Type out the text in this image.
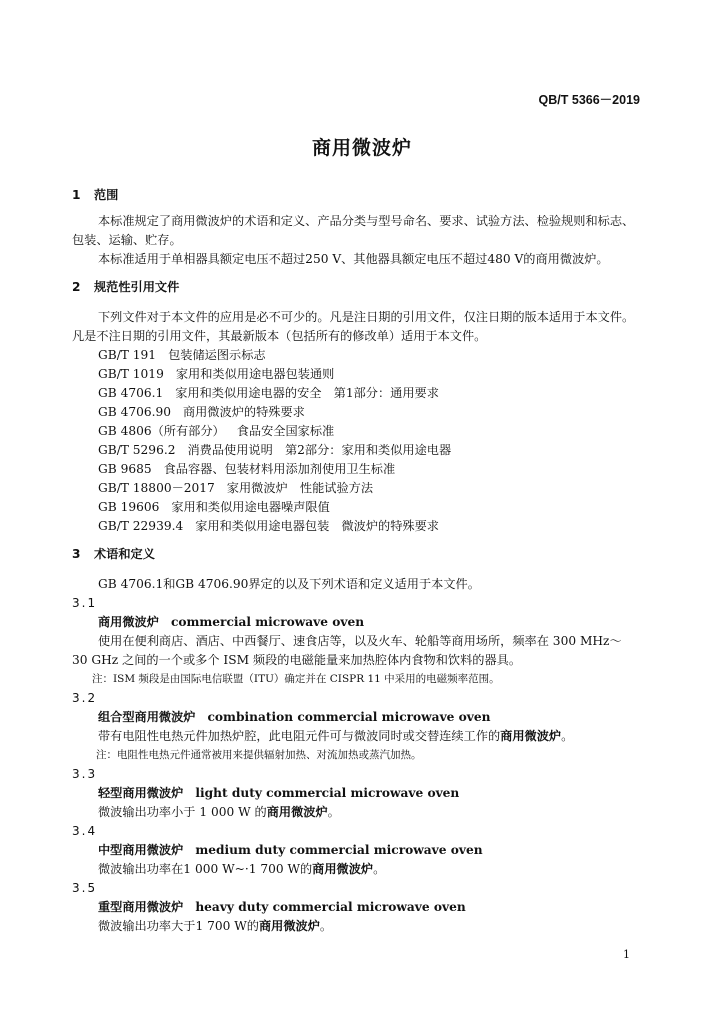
QB/T 5366－2019
商用微波炉
1 范围
本标准规定了商用微波炉的术语和定义、产品分类与型号命名、要求、试验方法、检验规则和标志、
包装、运输、贮存。
本标准适用于单相器具额定电压不超过250 V、其他器具额定电压不超过480 V的商用微波炉。
2 规范性引用文件
下列文件对于本文件的应用是必不可少的。凡是注日期的引用文件，仅注日期的版本适用于本文件。
凡是不注日期的引用文件，其最新版本（包括所有的修改单）适用于本文件。
GB/T 191 包装储运图示标志
GB/T 1019 家用和类似用途电器包装通则
GB 4706.1 家用和类似用途电器的安全　第1部分：通用要求
GB 4706.90 商用微波炉的特殊要求
GB 4806（所有部分） 食品安全国家标准
GB/T 5296.2 消费品使用说明　第2部分：家用和类似用途电器
GB 9685 食品容器、包装材料用添加剂使用卫生标准
GB/T 18800－2017 家用微波炉　性能试验方法
GB 19606 家用和类似用途电器噪声限值
GB/T 22939.4 家用和类似用途电器包装　微波炉的特殊要求
3 术语和定义
GB 4706.1和GB 4706.90界定的以及下列术语和定义适用于本文件。
3.1
商用微波炉 commercial microwave oven
使用在便利商店、酒店、中西餐厅、速食店等，以及火车、轮船等商用场所，频率在 300 MHz～
30 GHz 之间的一个或多个 ISM 频段的电磁能量来加热腔体内食物和饮料的器具。
注：ISM 频段是由国际电信联盟（ITU）确定并在 CISPR 11 中采用的电磁频率范围。
3.2
组合型商用微波炉 combination commercial microwave oven
带有电阻性电热元件加热炉腔，此电阻元件可与微波同时或交替连续工作的商用微波炉。
注：电阻性电热元件通常被用来提供辐射加热、对流加热或蒸汽加热。
3.3
轻型商用微波炉 light duty commercial microwave oven
微波输出功率小于 1 000 W 的商用微波炉。
3.4
中型商用微波炉 medium duty commercial microwave oven
微波输出功率在1 000 W~·1 700 W的商用微波炉。
3.5
重型商用微波炉 heavy duty commercial microwave oven
微波输出功率大于1 700 W的商用微波炉。
1
